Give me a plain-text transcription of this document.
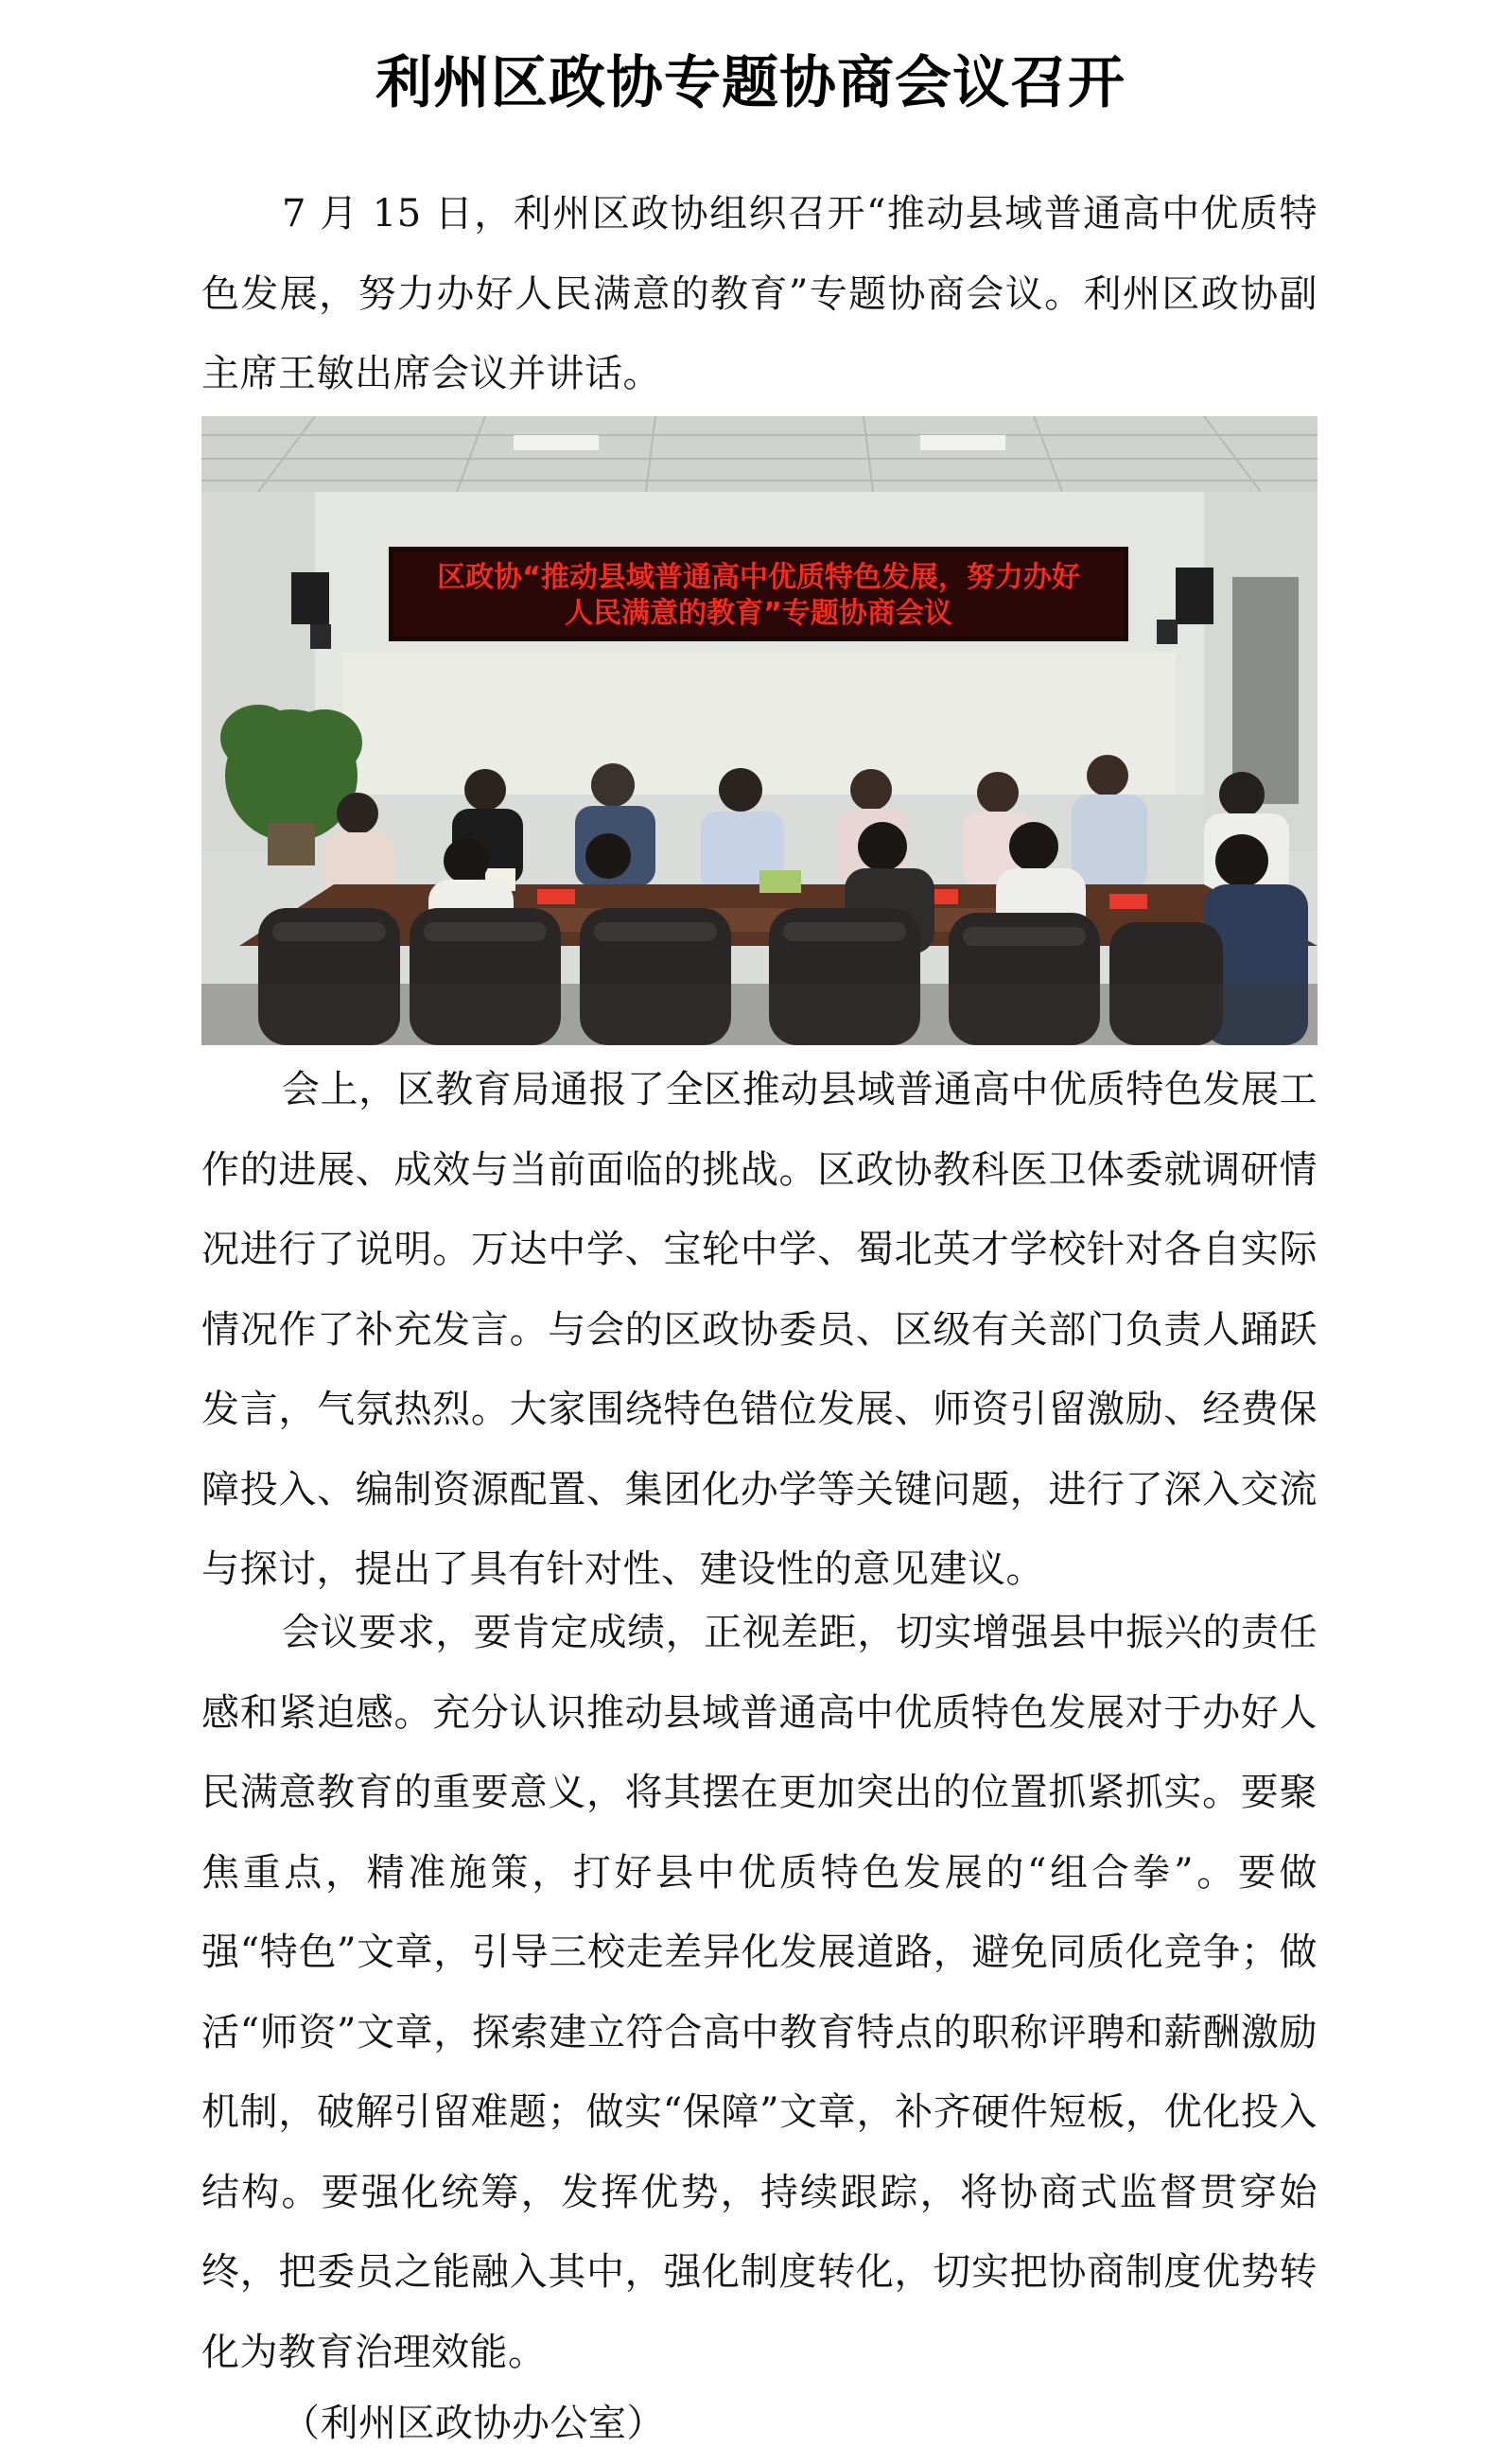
利州区政协专题协商会议召开

7 月 15 日，利州区政协组织召开“推动县域普通高中优质特色发展，努力办好人民满意的教育”专题协商会议。利州区政协副主席王敏出席会议并讲话。

区政协“推动县域普通高中优质特色发展，努力办好
人民满意的教育”专题协商会议

会上，区教育局通报了全区推动县域普通高中优质特色发展工作的进展、成效与当前面临的挑战。区政协教科医卫体委就调研情况进行了说明。万达中学、宝轮中学、蜀北英才学校针对各自实际情况作了补充发言。与会的区政协委员、区级有关部门负责人踊跃发言，气氛热烈。大家围绕特色错位发展、师资引留激励、经费保障投入、编制资源配置、集团化办学等关键问题，进行了深入交流与探讨，提出了具有针对性、建设性的意见建议。

会议要求，要肯定成绩，正视差距，切实增强县中振兴的责任感和紧迫感。充分认识推动县域普通高中优质特色发展对于办好人民满意教育的重要意义，将其摆在更加突出的位置抓紧抓实。要聚焦重点，精准施策，打好县中优质特色发展的“组合拳”。要做强“特色”文章，引导三校走差异化发展道路，避免同质化竞争；做活“师资”文章，探索建立符合高中教育特点的职称评聘和薪酬激励机制，破解引留难题；做实“保障”文章，补齐硬件短板，优化投入结构。要强化统筹，发挥优势，持续跟踪，将协商式监督贯穿始终，把委员之能融入其中，强化制度转化，切实把协商制度优势转化为教育治理效能。

（利州区政协办公室）
